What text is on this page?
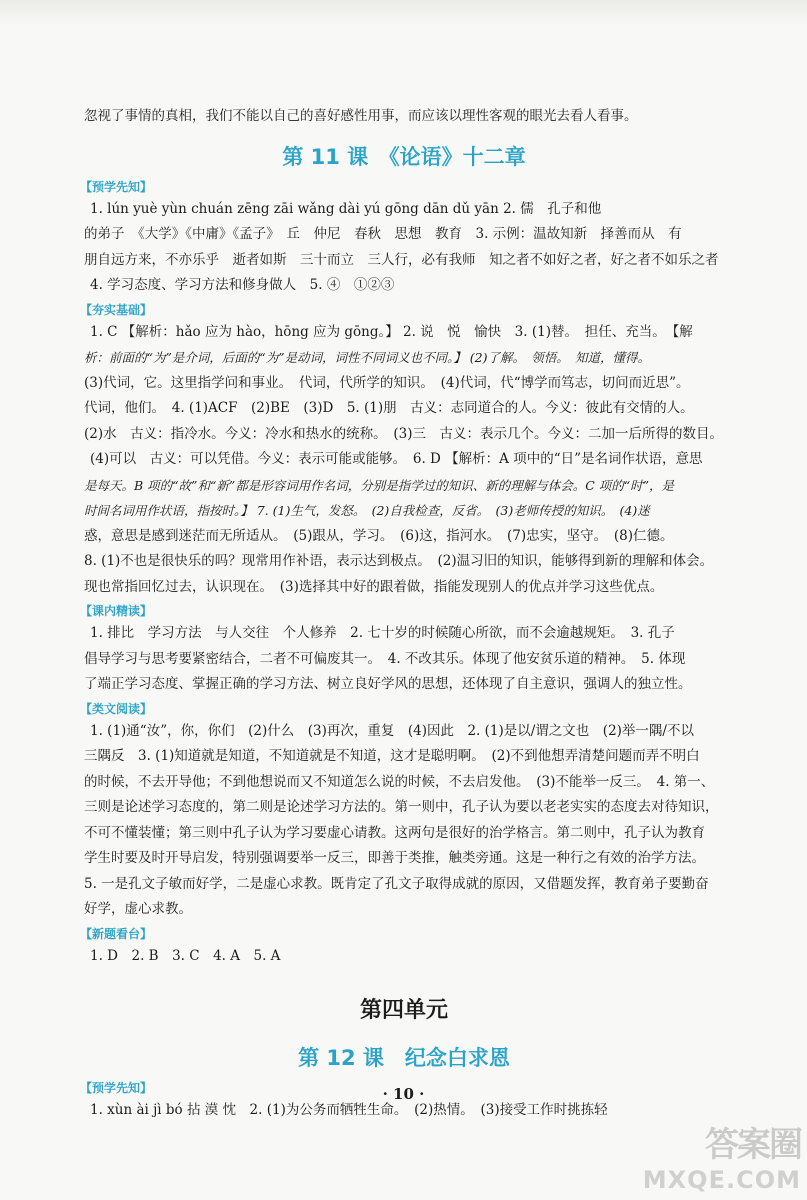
忽视了事情的真相，我们不能以自己的喜好感性用事，而应该以理性客观的眼光去看人看事。
第 11 课　《论语》十二章
【预学先知】
1. lún yuè yùn chuán zēng zāi wǎng dài yú gōng dān dǔ yān 2. 儒　孔子和他
的弟子　《大学》《中庸》《孟子》　丘　仲尼　春秋　思想　教育　3. 示例：温故知新　择善而从　有
朋自远方来，不亦乐乎　逝者如斯　三十而立　三人行，必有我师　知之者不如好之者，好之者不如乐之者
4. 学习态度、学习方法和修身做人　5. ④　①②③
【夯实基础】
1. C 【解析：hǎo 应为 hào，hōng 应为 gōng。】 2. 说　悦　愉快　3. (1)替。　担任、充当。　【解
析：前面的“为”是介词，后面的“为”是动词，词性不同词义也不同。】 (2)了解。　领悟。　知道，懂得。
(3)代词，它。这里指学问和事业。　代词，代所学的知识。　(4)代词，代“博学而笃志，切问而近思”。
代词，他们。　4. (1)ACF　(2)BE　(3)D　5. (1)朋　古义：志同道合的人。今义：彼此有交情的人。
(2)水　古义：指冷水。今义：冷水和热水的统称。　(3)三　古义：表示几个。今义：二加一后所得的数目。
(4)可以　古义：可以凭借。今义：表示可能或能够。　6. D 【解析：A 项中的“日”是名词作状语，意思
是每天。B 项的“故”和“新”都是形容词用作名词，分别是指学过的知识、新的理解与体会。C 项的“时”，是
时间名词用作状语，指按时。】 7. (1)生气，发怒。　(2)自我检查，反省。　(3)老师传授的知识。　(4)迷
惑，意思是感到迷茫而无所适从。　(5)跟从，学习。　(6)这，指河水。　(7)忠实，坚守。　(8)仁德。
8. (1)不也是很快乐的吗？现常用作补语，表示达到极点。　(2)温习旧的知识，能够得到新的理解和体会。
现也常指回忆过去，认识现在。　(3)选择其中好的跟着做，指能发现别人的优点并学习这些优点。
【课内精读】
1. 排比　学习方法　与人交往　个人修养　2. 七十岁的时候随心所欲，而不会逾越规矩。　3. 孔子
倡导学习与思考要紧密结合，二者不可偏废其一。　4. 不改其乐。体现了他安贫乐道的精神。　5. 体现
了端正学习态度、掌握正确的学习方法、树立良好学风的思想，还体现了自主意识，强调人的独立性。
【类文阅读】
1. (1)通“汝”，你，你们　(2)什么　(3)再次，重复　(4)因此　2. (1)是以/谓之文也　(2)举一隅/不以
三隅反　3. (1)知道就是知道，不知道就是不知道，这才是聪明啊。　(2)不到他想弄清楚问题而弄不明白
的时候，不去开导他；不到他想说而又不知道怎么说的时候，不去启发他。　(3)不能举一反三。　4. 第一、
三则是论述学习态度的，第二则是论述学习方法的。第一则中，孔子认为要以老老实实的态度去对待知识，
不可不懂装懂；第三则中孔子认为学习要虚心请教。这两句是很好的治学格言。第二则中，孔子认为教育
学生时要及时开导启发，特别强调要举一反三，即善于类推，触类旁通。这是一种行之有效的治学方法。
5. 一是孔文子敏而好学，二是虚心求教。既肯定了孔文子取得成就的原因，又借题发挥，教育弟子要勤奋
好学，虚心求教。
【新题看台】
1. D　2. B　3. C　4. A　5. A
第四单元
第 12 课　纪念白求恩
【预学先知】
1. xùn ài jì bó 拈 漠 忱　2. (1)为公务而牺牲生命。　(2)热情。　(3)接受工作时挑拣轻
· 10 ·
答案圈
MXQE.COM
